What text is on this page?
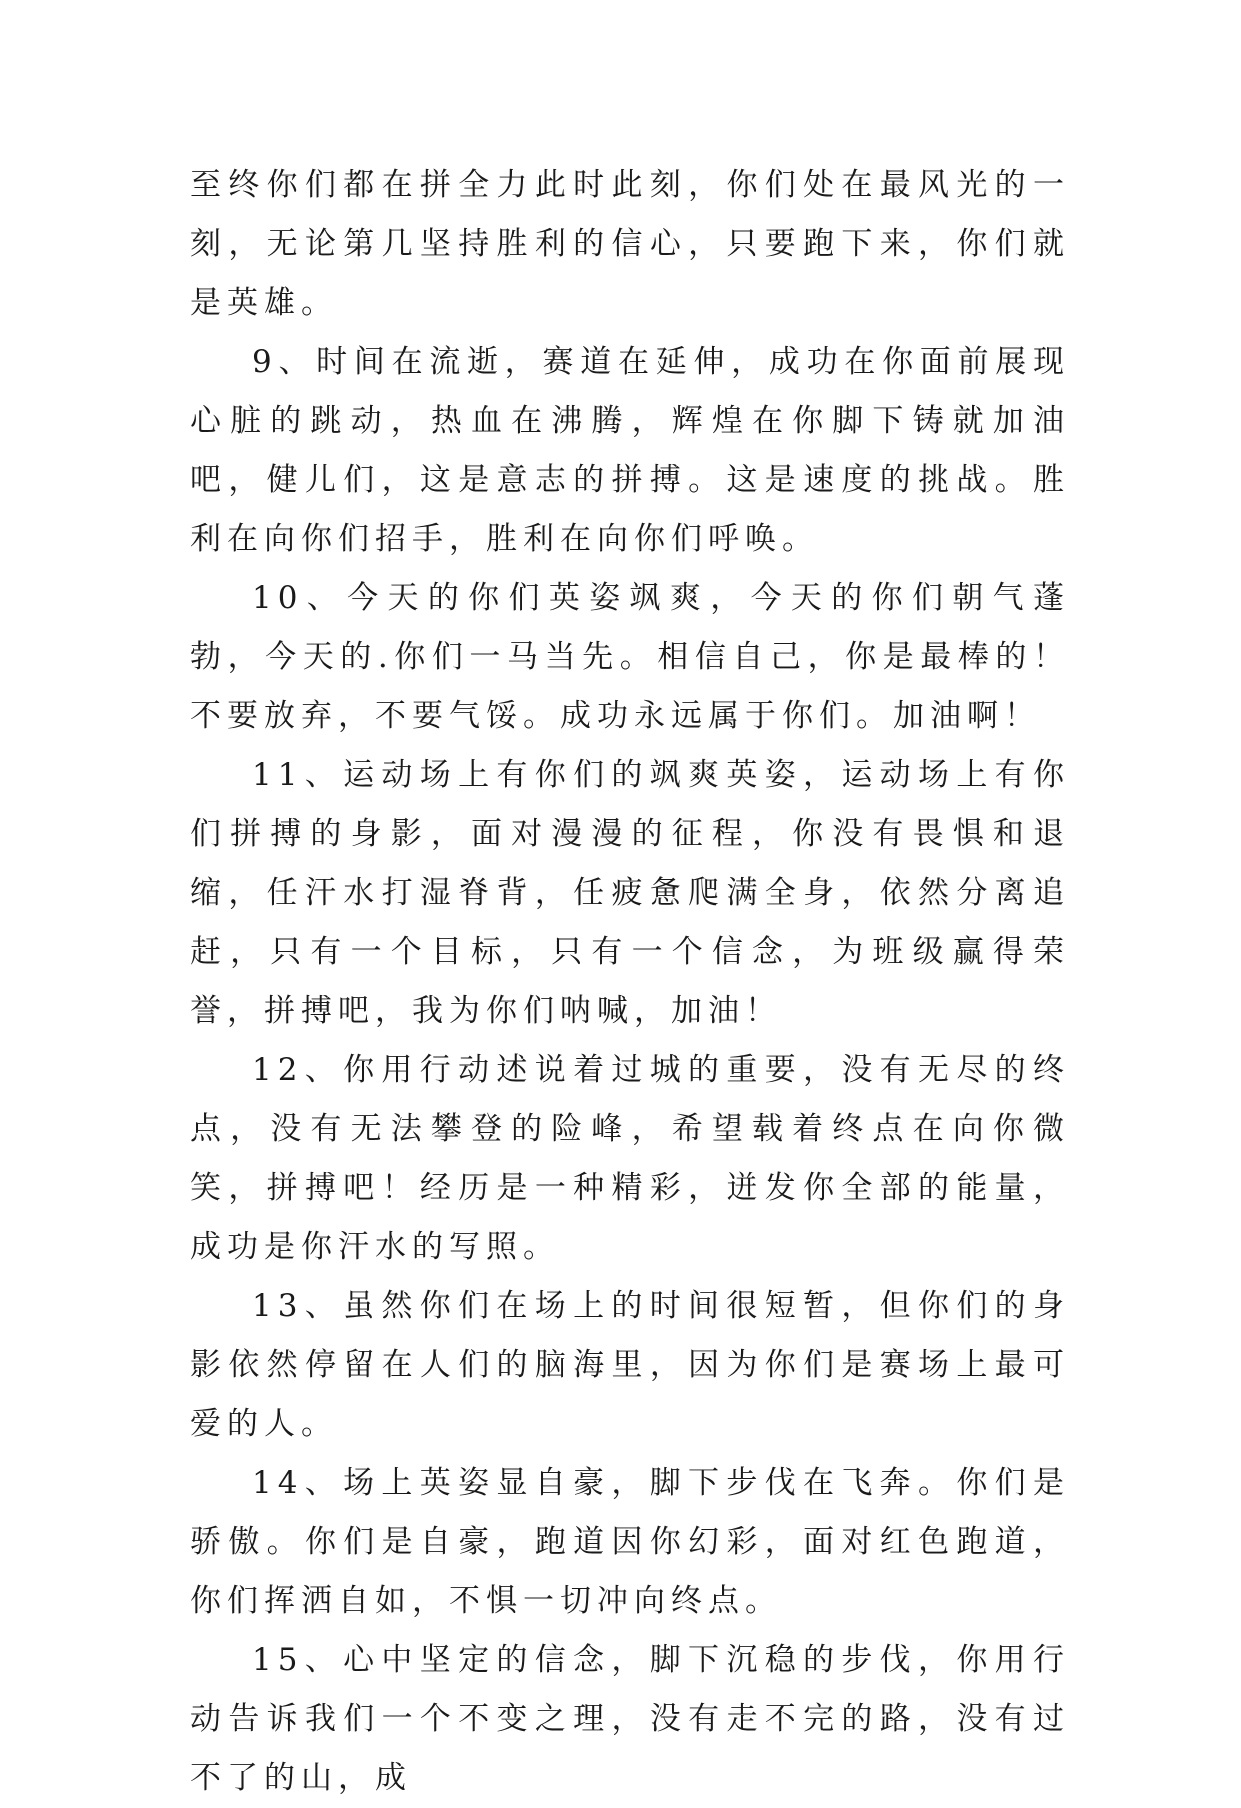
至终你们都在拼全力此时此刻，你们处在最风光的一刻，无论第几坚持胜利的信心，只要跑下来，你们就是英雄。

9、时间在流逝，赛道在延伸，成功在你面前展现心脏的跳动，热血在沸腾，辉煌在你脚下铸就加油吧，健儿们，这是意志的拼搏。这是速度的挑战。胜利在向你们招手，胜利在向你们呼唤。

10、今天的你们英姿飒爽，今天的你们朝气蓬勃，今天的.你们一马当先。相信自己，你是最棒的！不要放弃，不要气馁。成功永远属于你们。加油啊！

11、运动场上有你们的飒爽英姿，运动场上有你们拼搏的身影，面对漫漫的征程，你没有畏惧和退缩，任汗水打湿脊背，任疲惫爬满全身，依然分离追赶，只有一个目标，只有一个信念，为班级赢得荣誉，拼搏吧，我为你们呐喊，加油！

12、你用行动述说着过城的重要，没有无尽的终点，没有无法攀登的险峰，希望载着终点在向你微笑，拼搏吧！经历是一种精彩，迸发你全部的能量，成功是你汗水的写照。

13、虽然你们在场上的时间很短暂，但你们的身影依然停留在人们的脑海里，因为你们是赛场上最可爱的人。

14、场上英姿显自豪，脚下步伐在飞奔。你们是骄傲。你们是自豪，跑道因你幻彩，面对红色跑道，你们挥洒自如，不惧一切冲向终点。

15、心中坚定的信念，脚下沉稳的步伐，你用行动告诉我们一个不变之理，没有走不完的路，没有过不了的山，成
